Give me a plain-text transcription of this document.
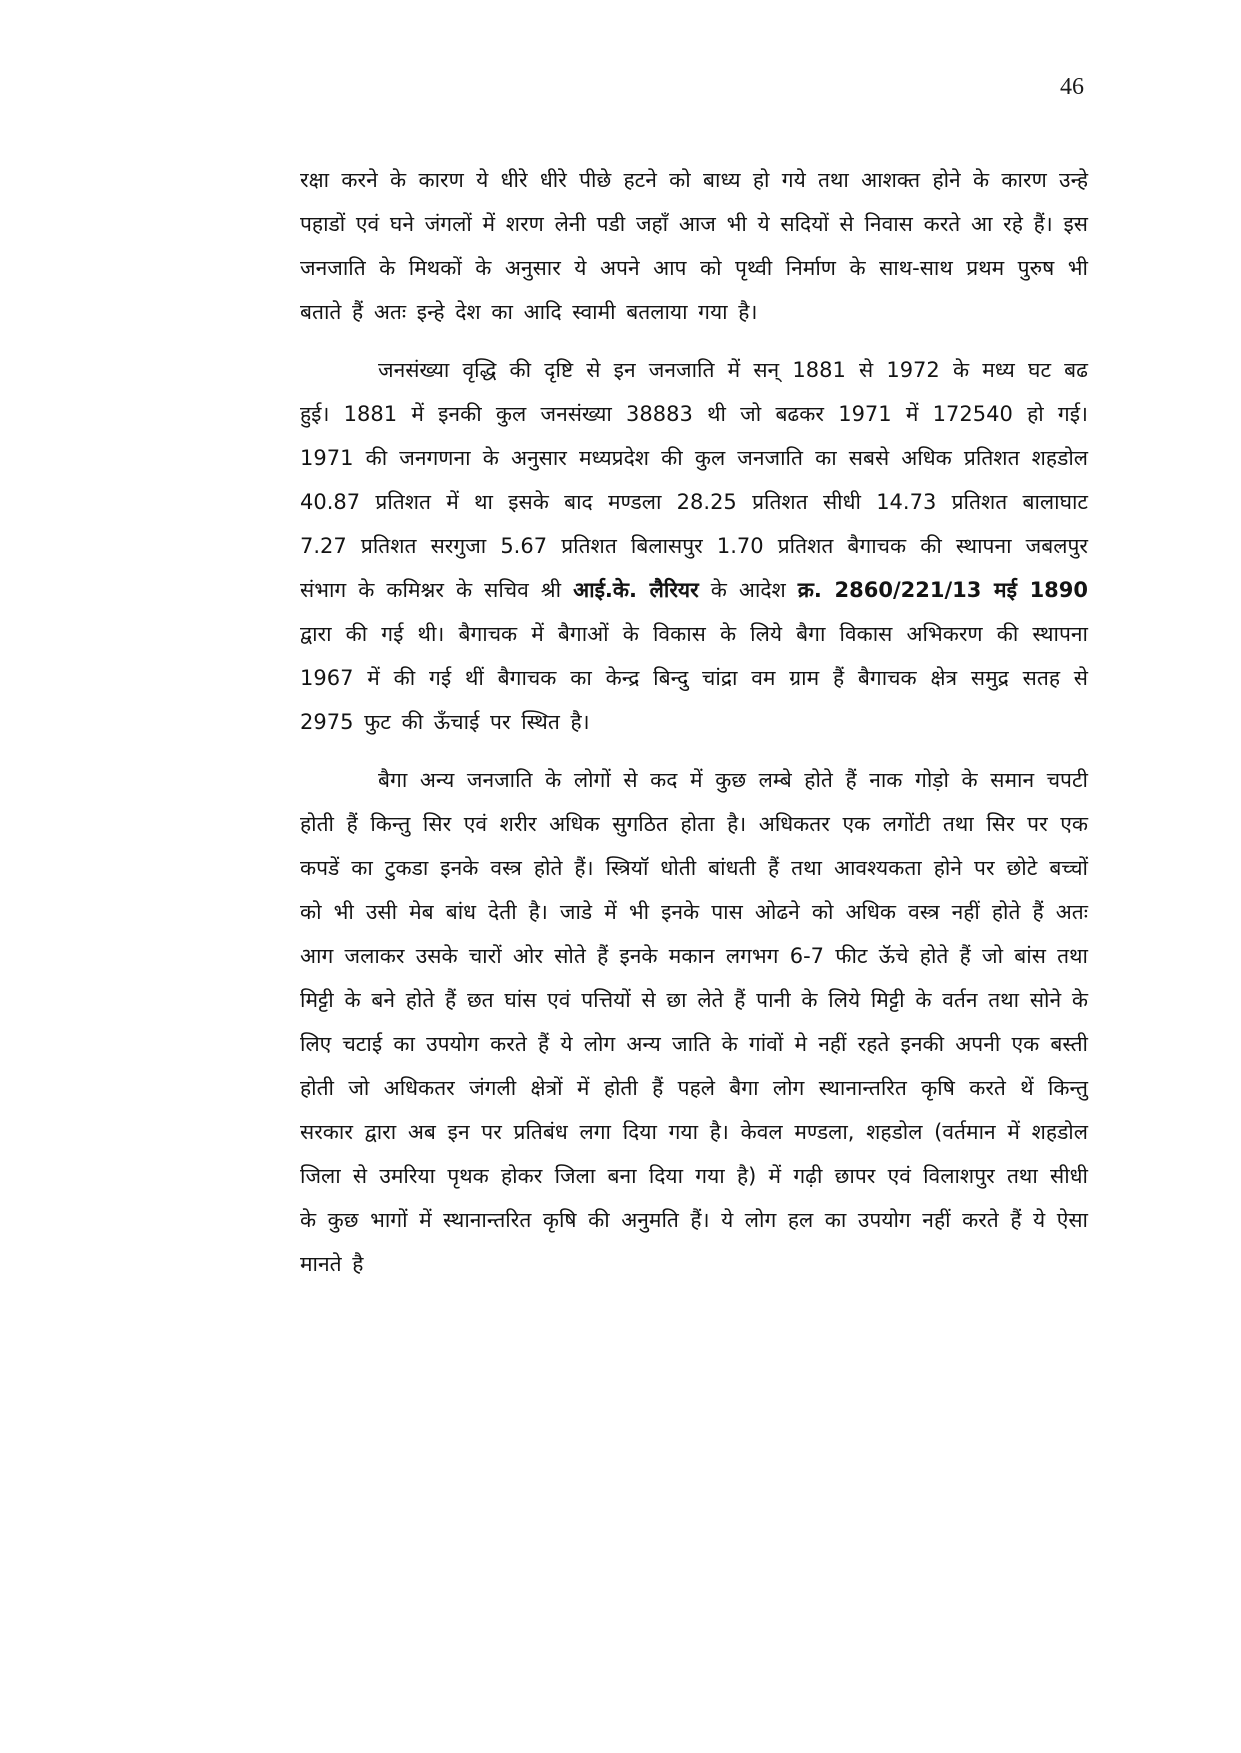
46

रक्षा करने के कारण ये धीरे धीरे पीछे हटने को बाध्य हो गये तथा आशक्त होने के कारण उन्हे पहाडों एवं घने जंगलों में शरण लेनी पडी जहाँ आज भी ये सदियों से निवास करते आ रहे हैं। इस जनजाति के मिथकों के अनुसार ये अपने आप को पृथ्वी निर्माण के साथ-साथ प्रथम पुरुष भी बताते हैं अतः इन्हे देश का आदि स्वामी बतलाया गया है।

जनसंख्या वृद्धि की दृष्टि से इन जनजाति में सन् 1881 से 1972 के मध्य घट बढ हुई। 1881 में इनकी कुल जनसंख्या 38883 थी जो बढकर 1971 में 172540 हो गई। 1971 की जनगणना के अनुसार मध्यप्रदेश की कुल जनजाति का सबसे अधिक प्रतिशत शहडोल 40.87 प्रतिशत में था इसके बाद मण्डला 28.25 प्रतिशत सीधी 14.73 प्रतिशत बालाघाट 7.27 प्रतिशत सरगुजा 5.67 प्रतिशत बिलासपुर 1.70 प्रतिशत बैगाचक की स्थापना जबलपुर संभाग के कमिश्नर के सचिव श्री आई.के. लैरियर के आदेश क्र. 2860/221/13 मई 1890 द्वारा की गई थी। बैगाचक में बैगाओं के विकास के लिये बैगा विकास अभिकरण की स्थापना 1967 में की गई थीं बैगाचक का केन्द्र बिन्दु चांद्रा वम ग्राम हैं बैगाचक क्षेत्र समुद्र सतह से 2975 फुट की ऊँचाई पर स्थित है।

बैगा अन्य जनजाति के लोगों से कद में कुछ लम्बे होते हैं नाक गोड़ो के समान चपटी होती हैं किन्तु सिर एवं शरीर अधिक सुगठित होता है। अधिकतर एक लगोंटी तथा सिर पर एक कपडें का टुकडा इनके वस्त्र होते हैं। स्त्रियॉ धोती बांधती हैं तथा आवश्यकता होने पर छोटे बच्चों को भी उसी मेब बांध देती है। जाडे में भी इनके पास ओढने को अधिक वस्त्र नहीं होते हैं अतः आग जलाकर उसके चारों ओर सोते हैं इनके मकान लगभग 6-7 फीट ऊॅचे होते हैं जो बांस तथा मिट्टी के बने होते हैं छत घांस एवं पत्तियों से छा लेते हैं पानी के लिये मिट्टी के वर्तन तथा सोने के लिए चटाई का उपयोग करते हैं ये लोग अन्य जाति के गांवों मे नहीं रहते इनकी अपनी एक बस्ती होती जो अधिकतर जंगली क्षेत्रों में होती हैं पहले बैगा लोग स्थानान्तरित कृषि करते थें किन्तु सरकार द्वारा अब इन पर प्रतिबंध लगा दिया गया है। केवल मण्डला, शहडोल (वर्तमान में शहडोल जिला से उमरिया पृथक होकर जिला बना दिया गया है) में गढ़ी छापर एवं विलाशपुर तथा सीधी के कुछ भागों में स्थानान्तरित कृषि की अनुमति हैं। ये लोग हल का उपयोग नहीं करते हैं ये ऐसा मानते है
